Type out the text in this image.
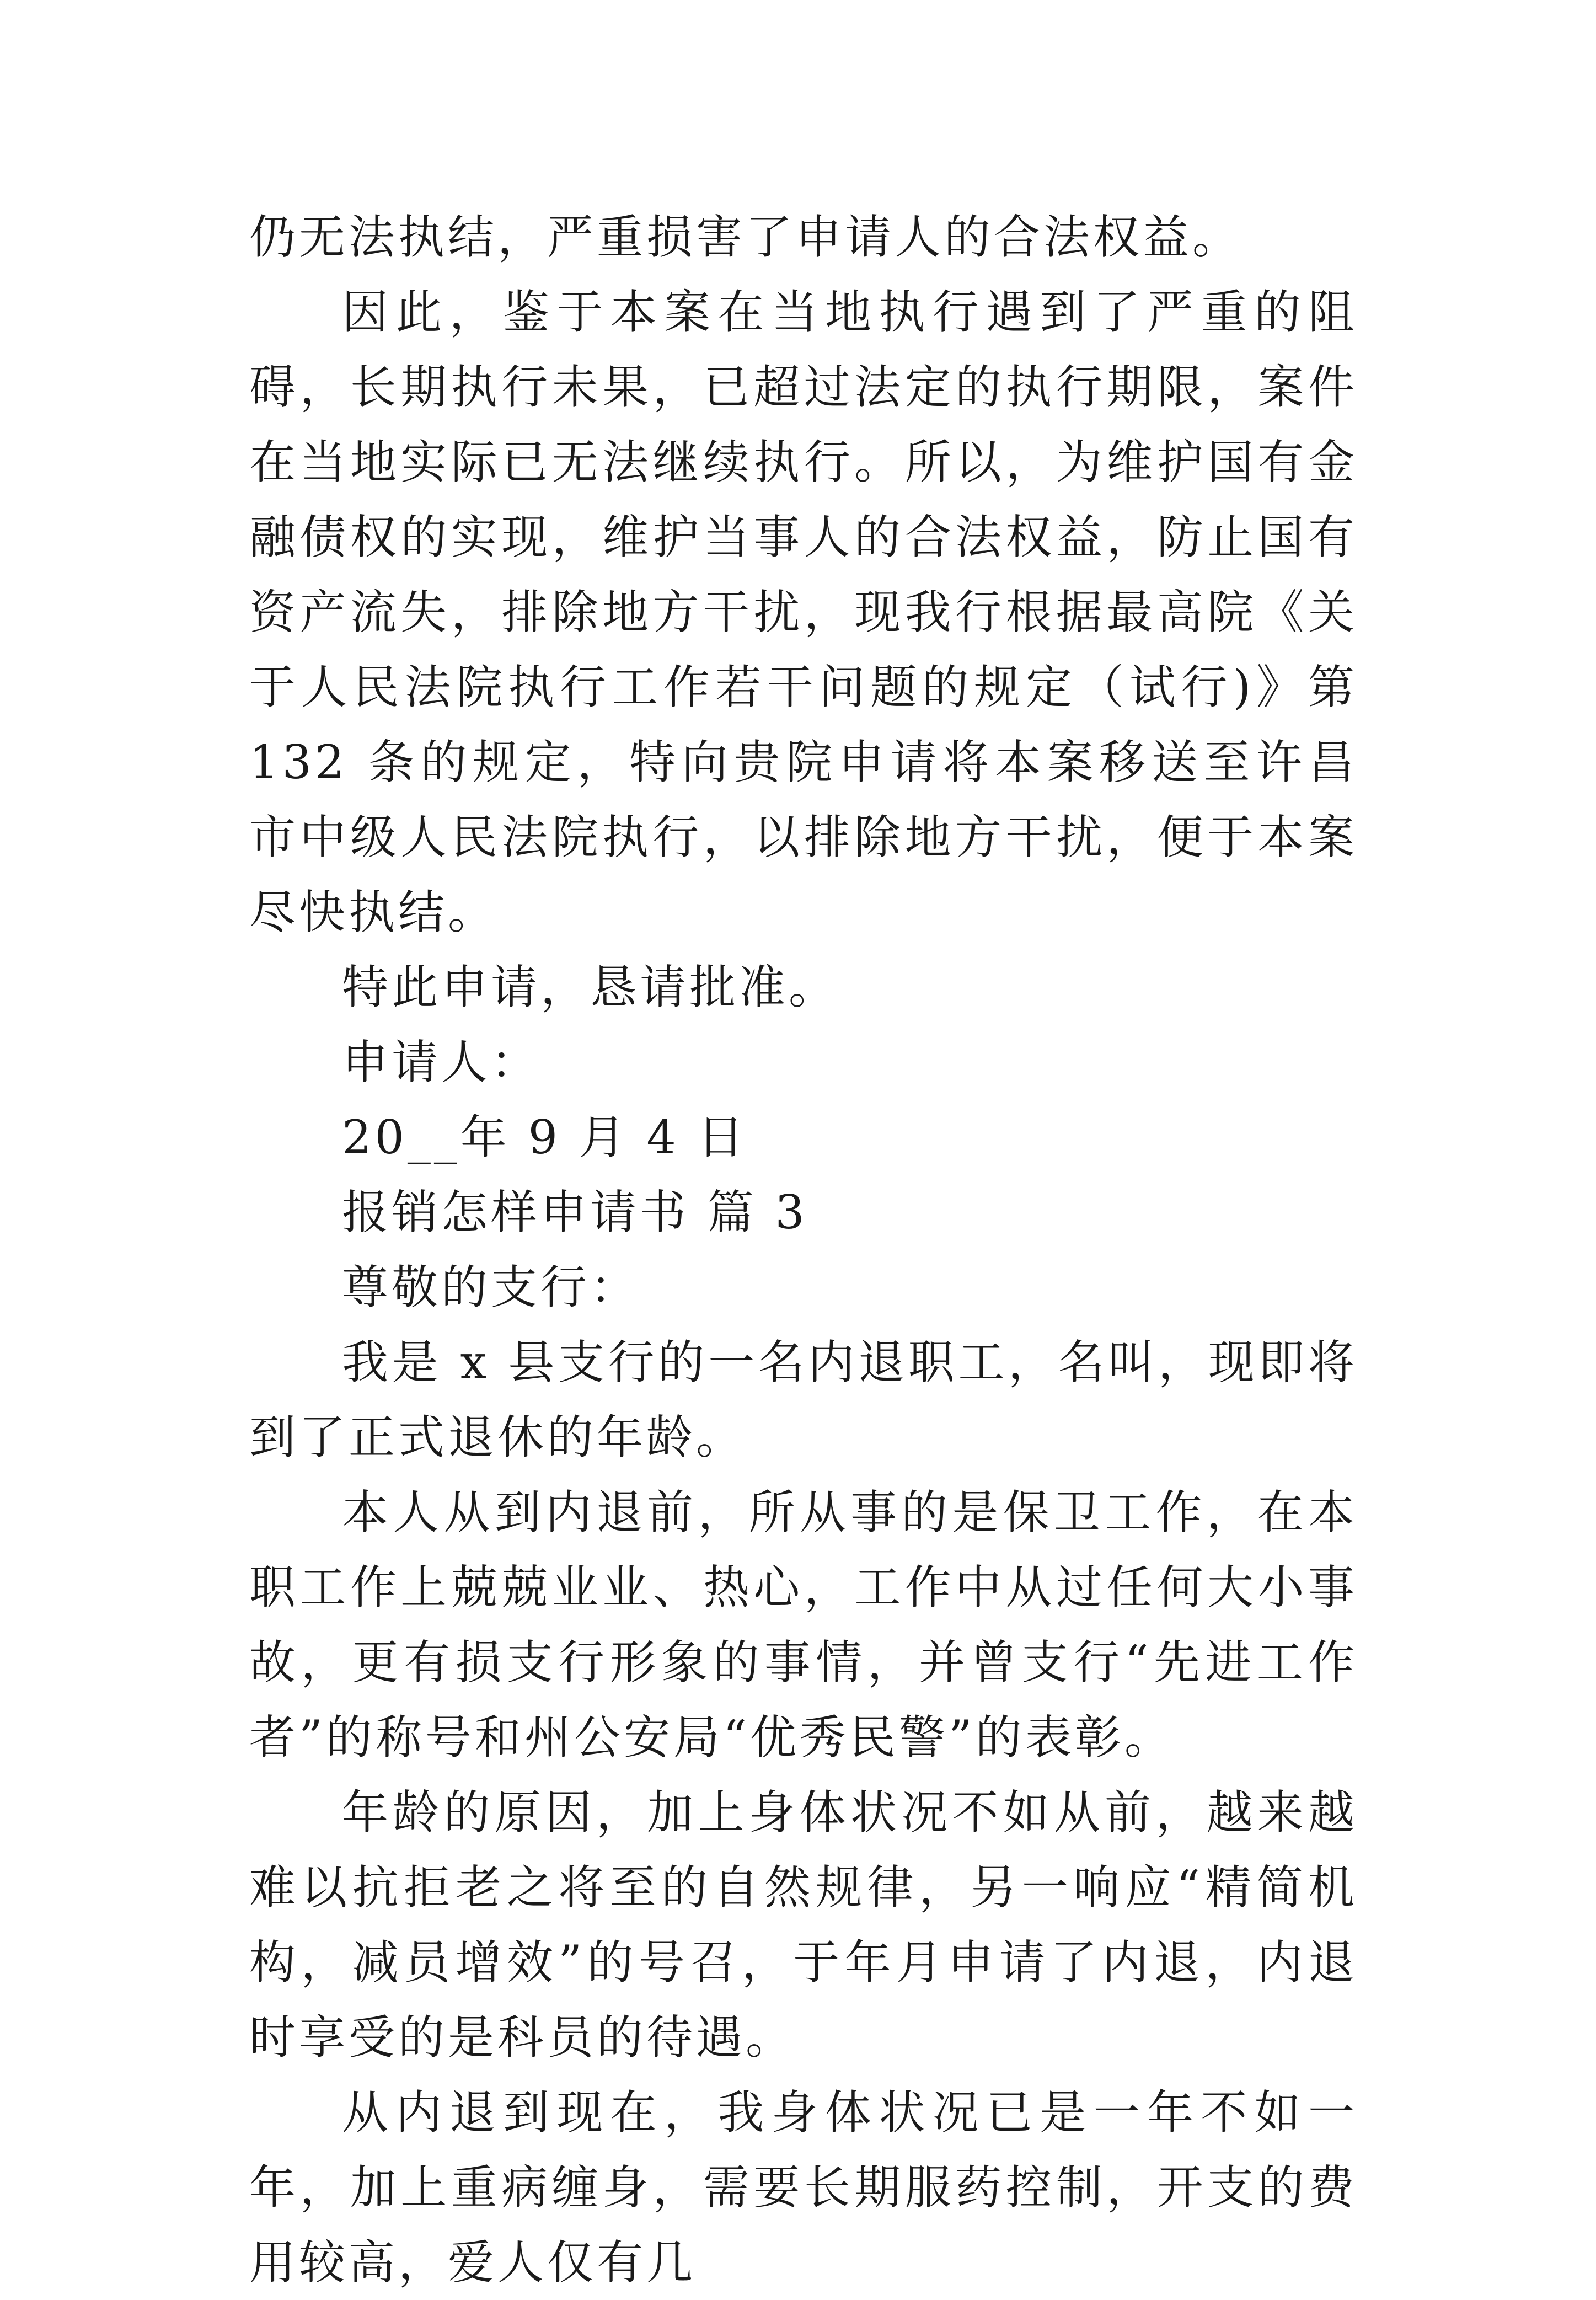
仍无法执结，严重损害了申请人的合法权益。

因此，鉴于本案在当地执行遇到了严重的阻碍，长期执行未果，已超过法定的执行期限，案件在当地实际已无法继续执行。所以，为维护国有金融债权的实现，维护当事人的合法权益，防止国有资产流失，排除地方干扰，现我行根据最高院《关于人民法院执行工作若干问题的规定（试行)》第 132 条的规定，特向贵院申请将本案移送至许昌市中级人民法院执行，以排除地方干扰，便于本案尽快执结。

特此申请，恳请批准。

申请人：

20__年 9 月 4 日

报销怎样申请书 篇 3

尊敬的支行：

我是 x 县支行的一名内退职工，名叫，现即将到了正式退休的年龄。

本人从到内退前，所从事的是保卫工作，在本职工作上兢兢业业、热心，工作中从过任何大小事故，更有损支行形象的事情，并曾支行“先进工作者”的称号和州公安局“优秀民警”的表彰。

年龄的原因，加上身体状况不如从前，越来越难以抗拒老之将至的自然规律，另一响应“精简机构，减员增效”的号召，于年月申请了内退，内退时享受的是科员的待遇。

从内退到现在，我身体状况已是一年不如一年，加上重病缠身，需要长期服药控制，开支的费用较高，爱人仅有几
